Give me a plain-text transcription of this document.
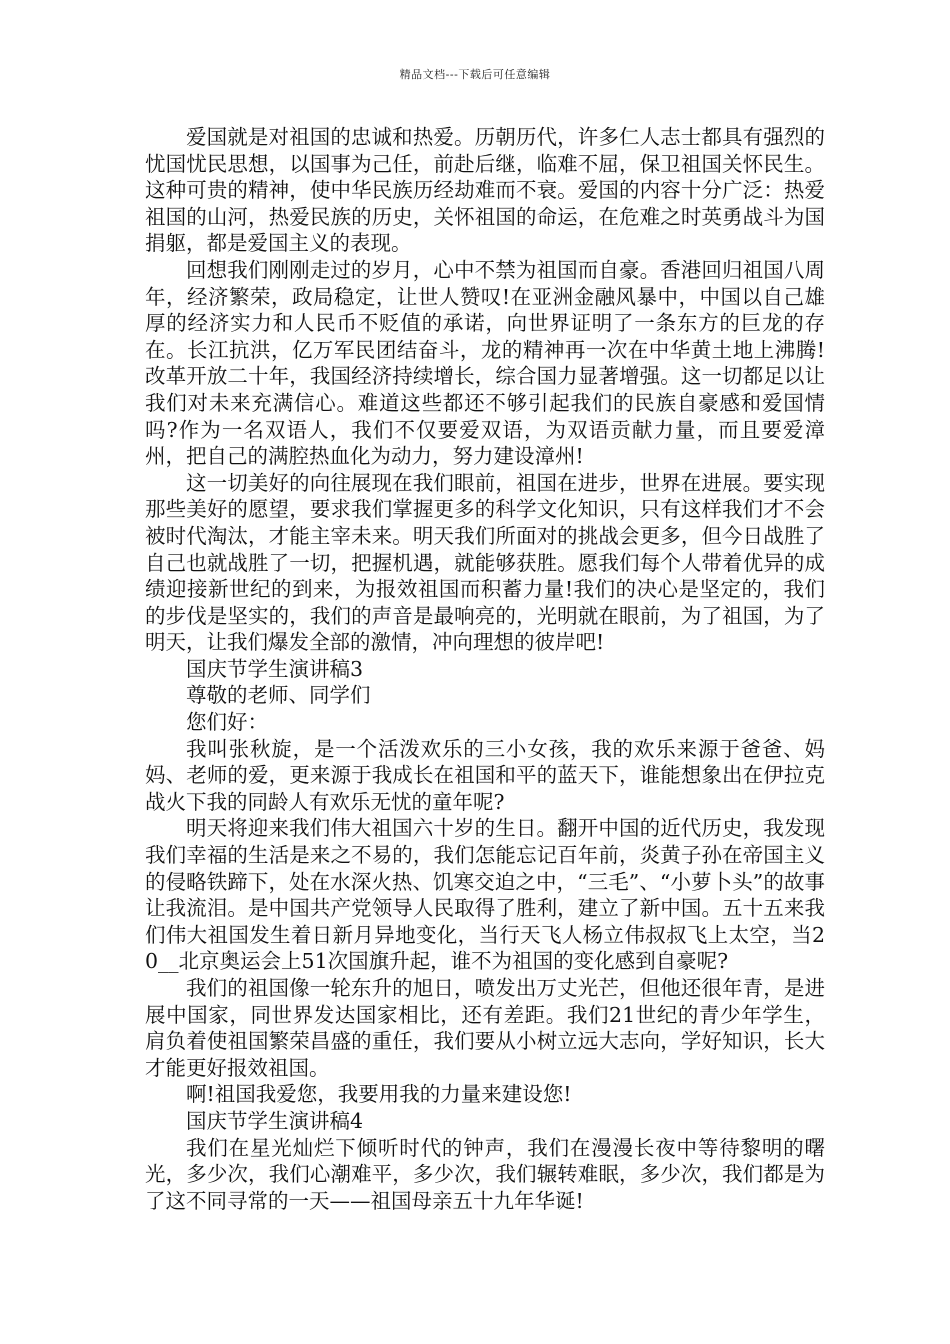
精品文档---下载后可任意编辑

爱国就是对祖国的忠诚和热爱。历朝历代，许多仁人志士都具有强烈的忧国忧民思想，以国事为己任，前赴后继，临难不屈，保卫祖国关怀民生。这种可贵的精神，使中华民族历经劫难而不衰。爱国的内容十分广泛：热爱祖国的山河，热爱民族的历史，关怀祖国的命运，在危难之时英勇战斗为国捐躯，都是爱国主义的表现。

回想我们刚刚走过的岁月，心中不禁为祖国而自豪。香港回归祖国八周年，经济繁荣，政局稳定，让世人赞叹!在亚洲金融风暴中，中国以自己雄厚的经济实力和人民币不贬值的承诺，向世界证明了一条东方的巨龙的存在。长江抗洪，亿万军民团结奋斗，龙的精神再一次在中华黄土地上沸腾!改革开放二十年，我国经济持续增长，综合国力显著增强。这一切都足以让我们对未来充满信心。难道这些都还不够引起我们的民族自豪感和爱国情吗?作为一名双语人，我们不仅要爱双语，为双语贡献力量，而且要爱漳州，把自己的满腔热血化为动力，努力建设漳州!

这一切美好的向往展现在我们眼前，祖国在进步，世界在进展。要实现那些美好的愿望，要求我们掌握更多的科学文化知识，只有这样我们才不会被时代淘汰，才能主宰未来。明天我们所面对的挑战会更多，但今日战胜了自己也就战胜了一切，把握机遇，就能够获胜。愿我们每个人带着优异的成绩迎接新世纪的到来，为报效祖国而积蓄力量!我们的决心是坚定的，我们的步伐是坚实的，我们的声音是最响亮的，光明就在眼前，为了祖国，为了明天，让我们爆发全部的激情，冲向理想的彼岸吧!

国庆节学生演讲稿3

尊敬的老师、同学们

您们好：

我叫张秋旋，是一个活泼欢乐的三小女孩，我的欢乐来源于爸爸、妈妈、老师的爱，更来源于我成长在祖国和平的蓝天下，谁能想象出在伊拉克战火下我的同龄人有欢乐无忧的童年呢?

明天将迎来我们伟大祖国六十岁的生日。翻开中国的近代历史，我发现我们幸福的生活是来之不易的，我们怎能忘记百年前，炎黄子孙在帝国主义的侵略铁蹄下，处在水深火热、饥寒交迫之中，“三毛”、“小萝卜头”的故事让我流泪。是中国共产党领导人民取得了胜利，建立了新中国。五十五来我们伟大祖国发生着日新月异地变化，当行天飞人杨立伟叔叔飞上太空，当20__北京奥运会上51次国旗升起，谁不为祖国的变化感到自豪呢?

我们的祖国像一轮东升的旭日，喷发出万丈光芒，但他还很年青，是进展中国家，同世界发达国家相比，还有差距。我们21世纪的青少年学生，肩负着使祖国繁荣昌盛的重任，我们要从小树立远大志向，学好知识，长大才能更好报效祖国。

啊!祖国我爱您，我要用我的力量来建设您!

国庆节学生演讲稿4

我们在星光灿烂下倾听时代的钟声，我们在漫漫长夜中等待黎明的曙光，多少次，我们心潮难平，多少次，我们辗转难眠，多少次，我们都是为了这不同寻常的一天——祖国母亲五十九年华诞!
